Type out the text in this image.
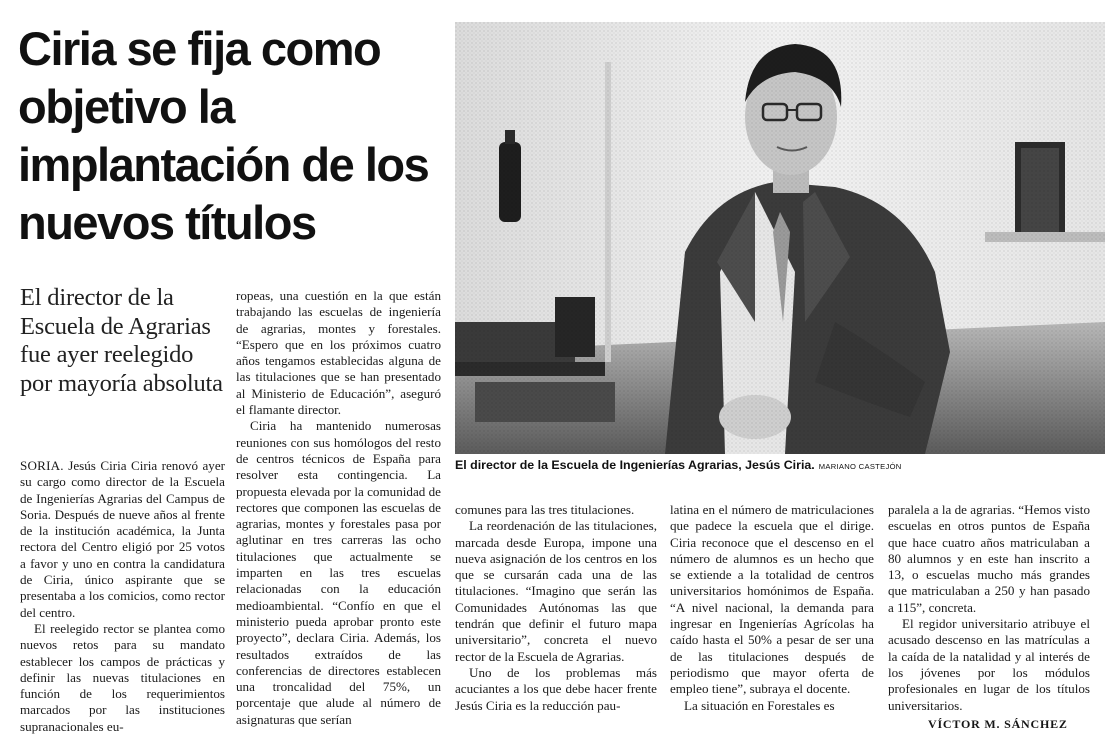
Ciria se fija como objetivo la implantación de los nuevos títulos

El director de la Escuela de Agrarias fue ayer reelegido por mayoría absoluta

El director de la Escuela de Ingenierías Agrarias, Jesús Ciria. MARIANO CASTEJÓN

SORIA. Jesús Ciria Ciria renovó ayer su cargo como director de la Escuela de Ingenierías Agrarias del Campus de Soria. Después de nueve años al frente de la institución académica, la Junta rectora del Centro eligió por 25 votos a favor y uno en contra la candidatura de Ciria, único aspirante que se presentaba a los comicios, como rector del centro.

El reelegido rector se plantea como nuevos retos para su mandato establecer los campos de prácticas y definir las nuevas titulaciones en función de los requerimientos marcados por las instituciones supranacionales eu-

ropeas, una cuestión en la que están trabajando las escuelas de ingeniería de agrarias, montes y forestales. “Espero que en los próximos cuatro años tengamos establecidas alguna de las titulaciones que se han presentado al Ministerio de Educación”, aseguró el flamante director.

Ciria ha mantenido numerosas reuniones con sus homólogos del resto de centros técnicos de España para resolver esta contingencia. La propuesta elevada por la comunidad de rectores que componen las escuelas de agrarias, montes y forestales pasa por aglutinar en tres carreras las ocho titulaciones que actualmente se imparten en las tres escuelas relacionadas con la educación medioambiental. “Confío en que el ministerio pueda aprobar pronto este proyecto”, declara Ciria. Además, los resultados extraídos de las conferencias de directores establecen una troncalidad del 75%, un porcentaje que alude al número de asignaturas que serían

comunes para las tres titulaciones.

La reordenación de las titulaciones, marcada desde Europa, impone una nueva asignación de los centros en los que se cursarán cada una de las titulaciones. “Imagino que serán las Comunidades Autónomas las que tendrán que definir el futuro mapa universitario”, concreta el nuevo rector de la Escuela de Agrarias.

Uno de los problemas más acuciantes a los que debe hacer frente Jesús Ciria es la reducción pau-

latina en el número de matriculaciones que padece la escuela que el dirige. Ciria reconoce que el descenso en el número de alumnos es un hecho que se extiende a la totalidad de centros universitarios homónimos de España. “A nivel nacional, la demanda para ingresar en Ingenierías Agrícolas ha caído hasta el 50% a pesar de ser una de las titulaciones después de periodismo que mayor oferta de empleo tiene”, subraya el docente.

La situación en Forestales es

paralela a la de agrarias. “Hemos visto escuelas en otros puntos de España que hace cuatro años matriculaban a 80 alumnos y en este han inscrito a 13, o escuelas mucho más grandes que matriculaban a 250 y han pasado a 115”, concreta.

El regidor universitario atribuye el acusado descenso en las matrículas a la caída de la natalidad y al interés de los jóvenes por los módulos profesionales en lugar de los títulos universitarios.

VÍCTOR M. SÁNCHEZ
